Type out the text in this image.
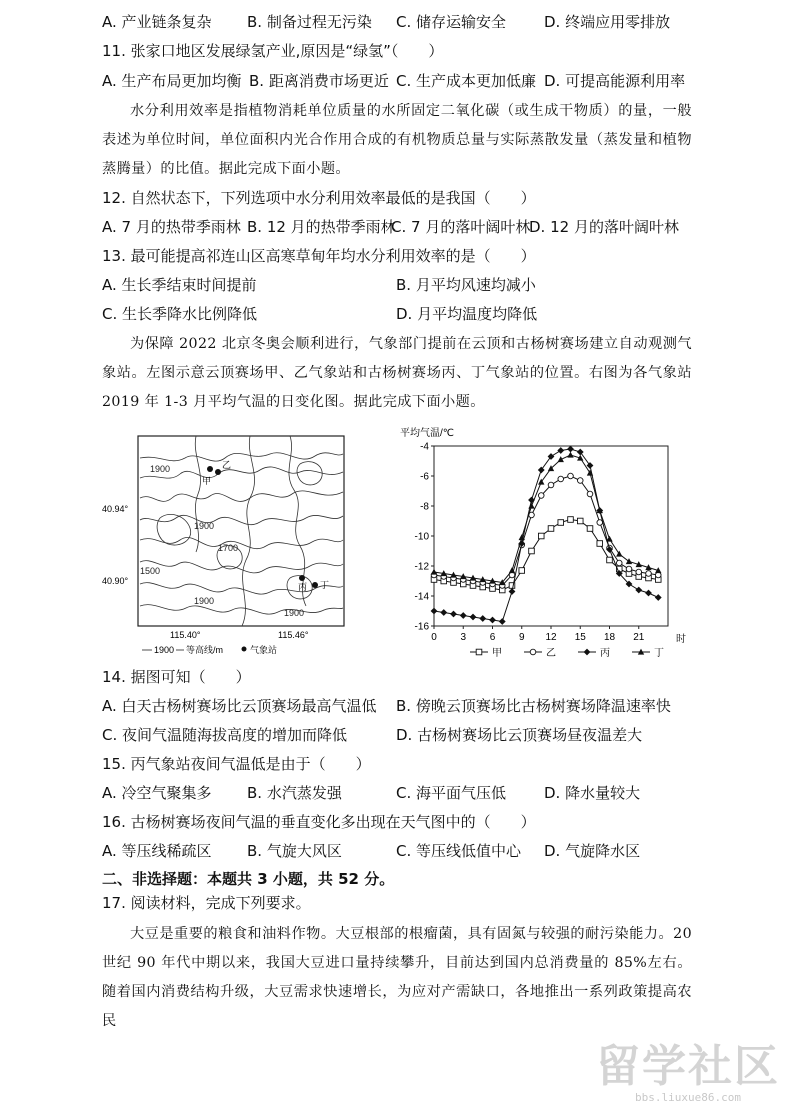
A. 产业链条复杂 B. 制备过程无污染 C. 储存运输安全	D. 终端应用零排放
11. 张家口地区发展绿氢产业,原因是“绿氢”（　　）
A. 生产布局更加均衡 B. 距离消费市场更近 C. 生产成本更加低廉 D. 可提高能源利用率
水分利用效率是指植物消耗单位质量的水所固定二氧化碳（或生成干物质）的量，一般表述为单位时间，单位面积内光合作用合成的有机物质总量与实际蒸散发量（蒸发量和植物蒸腾量）的比值。据此完成下面小题。
12. 自然状态下，下列选项中水分利用效率最低的是我国（　　）
A. 7 月的热带季雨林 B. 12 月的热带季雨林
C. 7 月的落叶阔叶林
D. 12 月的落叶阔叶林
13. 最可能提高祁连山区高寒草甸年均水分利用效率的是（　　）
A. 生长季结束时间提前	B. 月平均风速均减小
C. 生长季降水比例降低	D. 月平均温度均降低
为保障 2022 北京冬奥会顺利进行，气象部门提前在云顶和古杨树赛场建立自动观测气象站。左图示意云顶赛场甲、乙气象站和古杨树赛场丙、丁气象站的位置。右图为各气象站 2019 年 1-3 月平均气温的日变化图。据此完成下面小题。
1900
1900
1700
1500
1900
1900
甲
乙
丙 丁
40.94°
40.90°
115.40°	115.46°
1900 等高线/m	气象站
平均气温/℃
时
-4
-6
-8
-10
-12
-14
-16
0 3 6 9 12 15 18 21
甲	乙	丙	丁
14. 据图可知（　　）
A. 白天古杨树赛场比云顶赛场最高气温低 B. 傍晚云顶赛场比古杨树赛场降温速率快
C. 夜间气温随海拔高度的增加而降低	D. 古杨树赛场比云顶赛场昼夜温差大
15. 丙气象站夜间气温低是由于（　　）
A. 冷空气聚集多 B. 水汽蒸发强	C. 海平面气压低	D. 降水量较大
16. 古杨树赛场夜间气温的垂直变化多出现在天气图中的（　　）
A. 等压线稀疏区 B. 气旋大风区	C. 等压线低值中心 D. 气旋降水区
二、非选择题：本题共 3 小题，共 52 分。
17. 阅读材料，完成下列要求。
大豆是重要的粮食和油料作物。大豆根部的根瘤菌，具有固氮与较强的耐污染能力。20 世纪 90 年代中期以来，我国大豆进口量持续攀升，目前达到国内总消费量的 85%左右。随着国内消费结构升级，大豆需求快速增长，为应对产需缺口，各地推出一系列政策提高农民
留学社区
bbs.liuxue86.com
